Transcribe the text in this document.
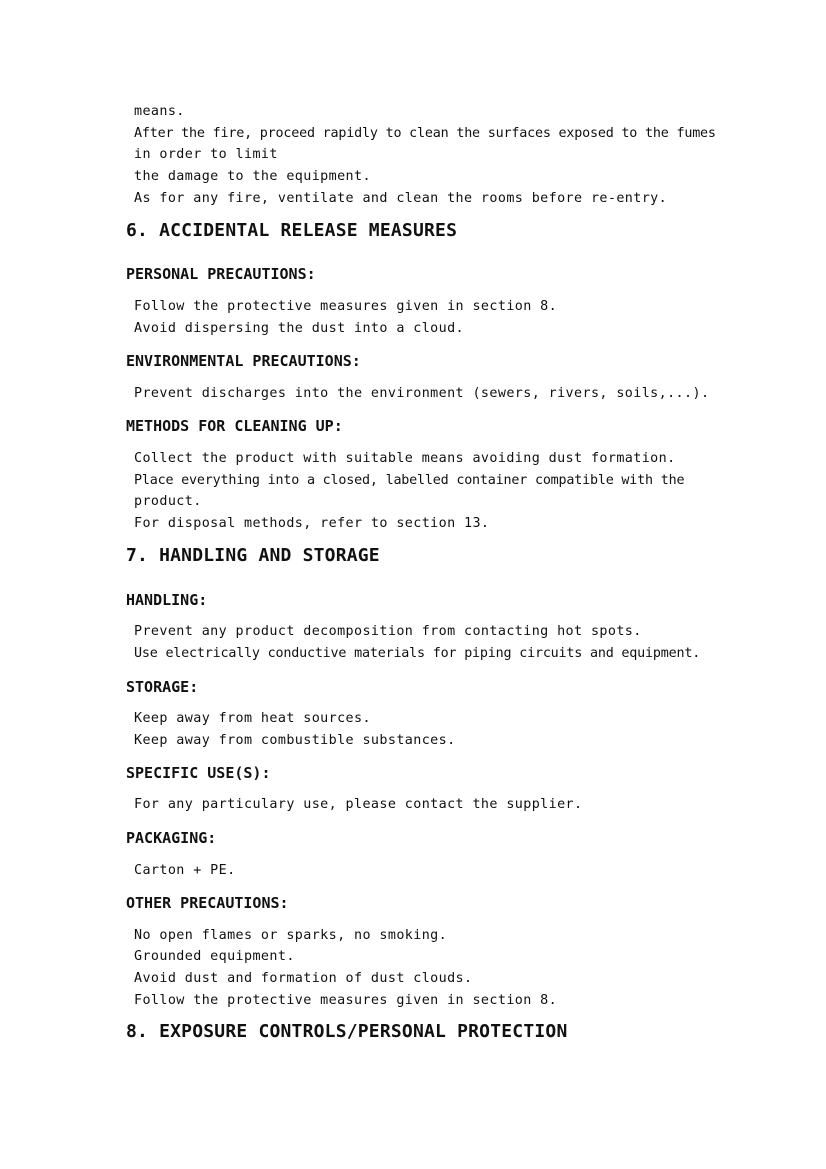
means.
After the fire, proceed rapidly to clean the surfaces exposed to the fumes
in order to limit
the damage to the equipment.
As for any fire, ventilate and clean the rooms before re-entry.
6. ACCIDENTAL RELEASE MEASURES
PERSONAL PRECAUTIONS:
Follow the protective measures given in section 8.
Avoid dispersing the dust into a cloud.
ENVIRONMENTAL PRECAUTIONS:
Prevent discharges into the environment (sewers, rivers, soils,...).
METHODS FOR CLEANING UP:
Collect the product with suitable means avoiding dust formation.
Place everything into a closed, labelled container compatible with the
product.
For disposal methods, refer to section 13.
7. HANDLING AND STORAGE
HANDLING:
Prevent any product decomposition from contacting hot spots.
Use electrically conductive materials for piping circuits and equipment.
STORAGE:
Keep away from heat sources.
Keep away from combustible substances.
SPECIFIC USE(S):
For any particulary use, please contact the supplier.
PACKAGING:
Carton + PE.
OTHER PRECAUTIONS:
No open flames or sparks, no smoking.
Grounded equipment.
Avoid dust and formation of dust clouds.
Follow the protective measures given in section 8.
8. EXPOSURE CONTROLS/PERSONAL PROTECTION
